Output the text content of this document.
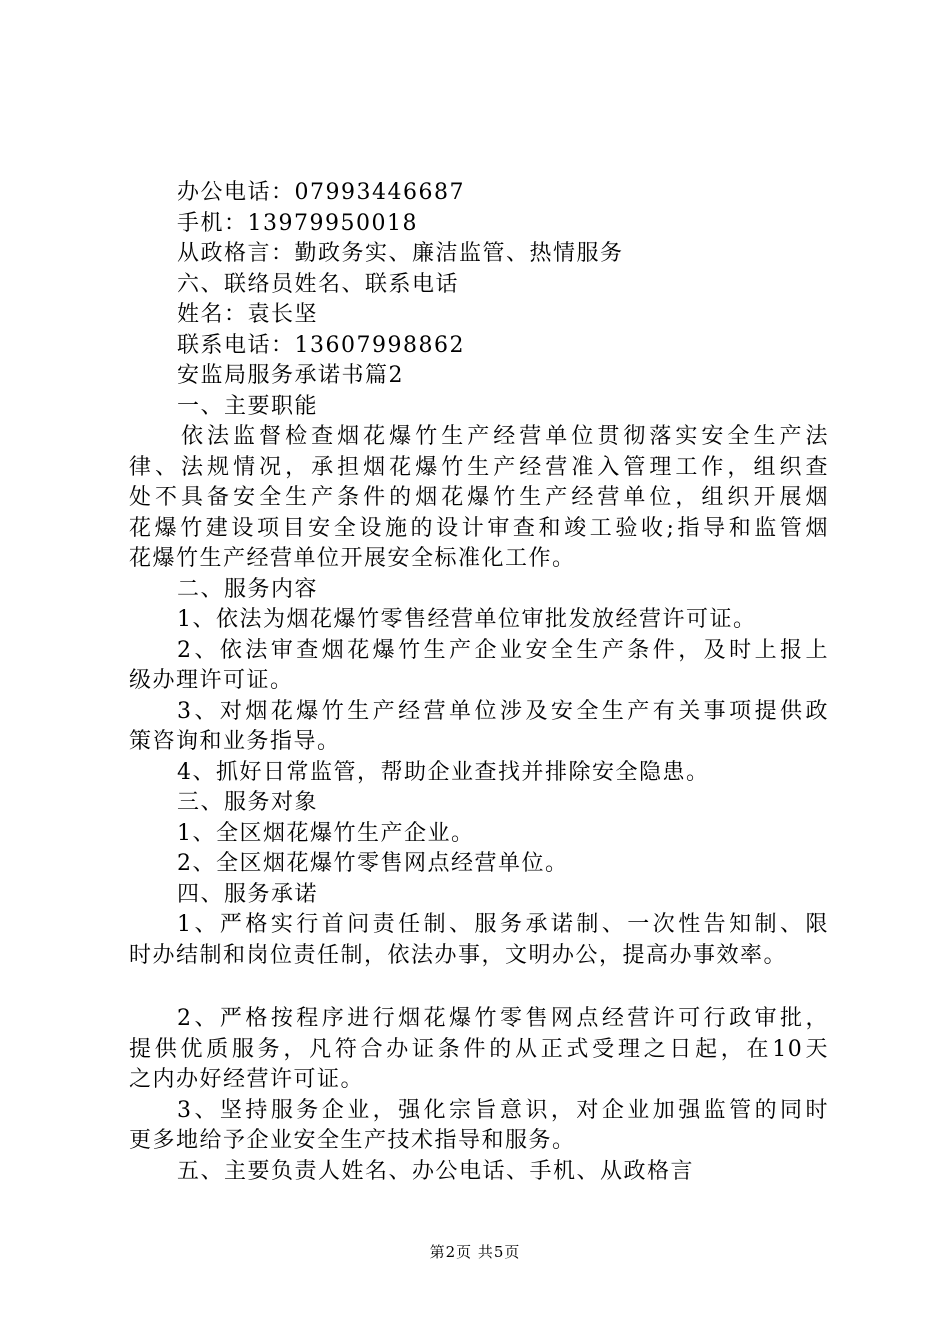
办公电话：07993446687
手机：13979950018
从政格言：勤政务实、廉洁监管、热情服务
六、联络员姓名、联系电话
姓名：袁长坚
联系电话：13607998862
安监局服务承诺书篇2
一、主要职能
依法监督检查烟花爆竹生产经营单位贯彻落实安全生产法
律、法规情况，承担烟花爆竹生产经营准入管理工作，组织查
处不具备安全生产条件的烟花爆竹生产经营单位，组织开展烟
花爆竹建设项目安全设施的设计审查和竣工验收;指导和监管烟
花爆竹生产经营单位开展安全标准化工作。
二、服务内容
1、依法为烟花爆竹零售经营单位审批发放经营许可证。
2、依法审查烟花爆竹生产企业安全生产条件，及时上报上
级办理许可证。
3、对烟花爆竹生产经营单位涉及安全生产有关事项提供政
策咨询和业务指导。
4、抓好日常监管，帮助企业查找并排除安全隐患。
三、服务对象
1、全区烟花爆竹生产企业。
2、全区烟花爆竹零售网点经营单位。
四、服务承诺
1、严格实行首问责任制、服务承诺制、一次性告知制、限
时办结制和岗位责任制，依法办事，文明办公，提高办事效率。
2、严格按程序进行烟花爆竹零售网点经营许可行政审批，
提供优质服务，凡符合办证条件的从正式受理之日起，在10天
之内办好经营许可证。
3、坚持服务企业，强化宗旨意识，对企业加强监管的同时
更多地给予企业安全生产技术指导和服务。
五、主要负责人姓名、办公电话、手机、从政格言
第2页 共5页
